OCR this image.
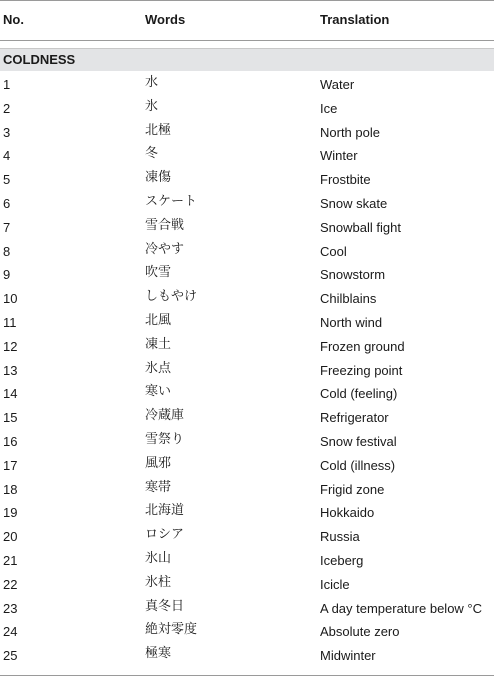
No.	Words	Translation
COLDNESS
1	水	Water
2	氷	Ice
3	北極	North pole
4	冬	Winter
5	凍傷	Frostbite
6	スケート	Snow skate
7	雪合戦	Snowball fight
8	冷やす	Cool
9	吹雪	Snowstorm
10	しもやけ	Chilblains
11	北風	North wind
12	凍土	Frozen ground
13	氷点	Freezing point
14	寒い	Cold (feeling)
15	冷蔵庫	Refrigerator
16	雪祭り	Snow festival
17	風邪	Cold (illness)
18	寒帯	Frigid zone
19	北海道	Hokkaido
20	ロシア	Russia
21	氷山	Iceberg
22	氷柱	Icicle
23	真冬日	A day temperature below °C
24	絶対零度	Absolute zero
25	極寒	Midwinter
